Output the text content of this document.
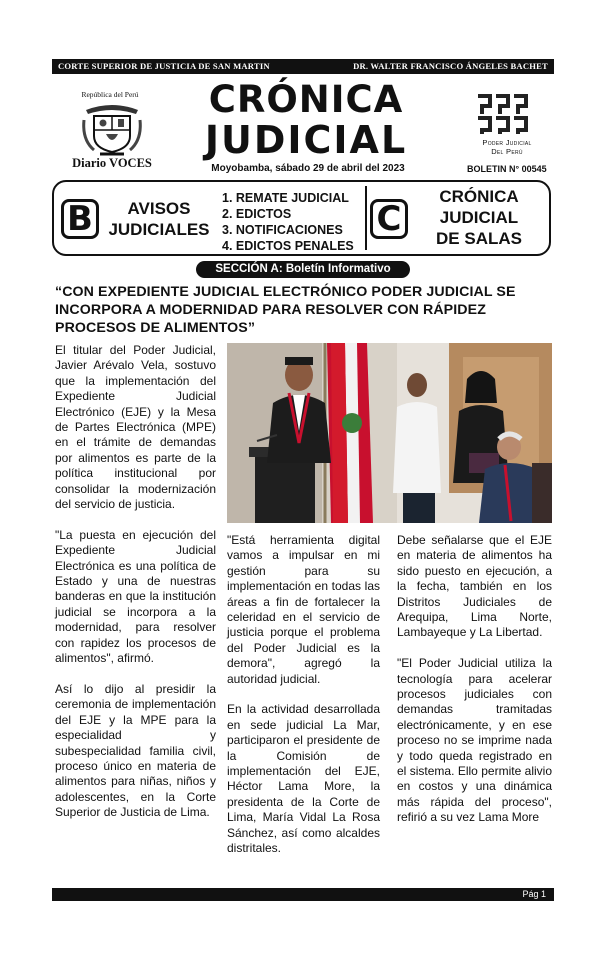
CORTE SUPERIOR DE JUSTICIA DE SAN MARTIN	DR. WALTER FRANCISCO ÁNGELES BACHET
República del Perú
Diario VOCES
CRÓNICA
JUDICIAL
Moyobamba, sábado 29 de abril del 2023
Poder Judicial
Del Perú
BOLETIN N° 00545
B	AVISOS
JUDICIALES
1. REMATE JUDICIAL
2. EDICTOS
3. NOTIFICACIONES
4. EDICTOS PENALES
C
CRÓNICA
JUDICIAL
DE SALAS
SECCIÓN A: Boletín Informativo
“CON EXPEDIENTE JUDICIAL ELECTRÓNICO PODER JUDICIAL SE INCORPORA A MODERNIDAD PARA RESOLVER CON RÁPIDEZ PROCESOS DE ALIMENTOS”

El titular del Poder Judicial, Javier Arévalo Vela, sostuvo que la implementación del Expediente Judicial Electrónico (EJE) y la Mesa de Partes Electrónica (MPE) en el trámite de demandas por alimentos es parte de la política institucional por consolidar la modernización del servicio de justicia.

"La puesta en ejecución del Expediente Judicial Electrónica es una política de Estado y una de nuestras banderas en que la institución judicial se incorpora a la modernidad, para resolver con rapidez los procesos de alimentos", afirmó.

Así lo dijo al presidir la ceremonia de implementación del EJE y la MPE para la especialidad y subespecialidad familia civil, proceso único en materia de alimentos para niñas, niños y adolescentes, en la Corte Superior de Justicia de Lima.

"Está herramienta digital vamos a impulsar en mi gestión para su implementación en todas las áreas a fin de fortalecer la celeridad en el servicio de justicia porque el problema del Poder Judicial es la demora", agregó la autoridad judicial.

En la actividad desarrollada en sede judicial La Mar, participaron el presidente de la Comisión de implementación del EJE, Héctor Lama More, la presidenta de la Corte de Lima, María Vidal La Rosa Sánchez, así como alcaldes distritales.

Debe señalarse que el EJE en materia de alimentos ha sido puesto en ejecución, a la fecha, también en los Distritos Judiciales de Arequipa, Lima Norte, Lambayeque y La Libertad.

"El Poder Judicial utiliza la tecnología para acelerar procesos judiciales con demandas tramitadas electrónicamente, y en ese proceso no se imprime nada y todo queda registrado en el sistema. Ello permite alivio en costos y una dinámica más rápida del proceso", refirió a su vez Lama More

Pág 1
